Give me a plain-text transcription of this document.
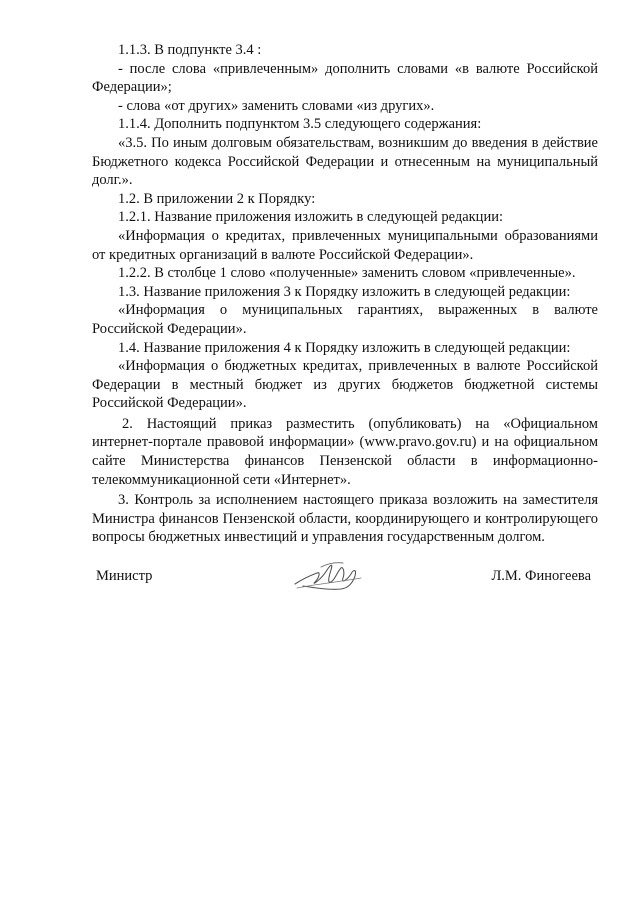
1.1.3. В подпункте 3.4 :

- после слова «привлеченным» дополнить словами «в валюте Российской Федерации»;

- слова «от других» заменить словами «из других».

1.1.4. Дополнить подпунктом 3.5 следующего содержания:

«3.5. По иным долговым обязательствам, возникшим до введения в действие Бюджетного кодекса Российской Федерации и отнесенным на муниципальный долг.».

1.2. В приложении 2 к Порядку:

1.2.1. Название приложения изложить в следующей редакции:

«Информация о кредитах, привлеченных муниципальными образованиями от кредитных организаций в валюте Российской Федерации».

1.2.2. В столбце 1 слово «полученные» заменить словом «привлеченные».

1.3. Название приложения 3 к Порядку изложить в следующей редакции:

«Информация о муниципальных гарантиях, выраженных в валюте Российской Федерации».

1.4. Название приложения 4 к Порядку изложить в следующей редакции:

«Информация о бюджетных кредитах, привлеченных в валюте Российской Федерации в местный бюджет из других бюджетов бюджетной системы Российской Федерации».

2. Настоящий приказ разместить (опубликовать) на «Официальном интернет-портале правовой информации» (www.pravo.gov.ru) и на официальном сайте Министерства финансов Пензенской области в информационно-телекоммуникационной сети «Интернет».

3. Контроль за исполнением настоящего приказа возложить на заместителя Министра финансов Пензенской области, координирующего и контролирующего вопросы бюджетных инвестиций и управления государственным долгом.

Министр	Л.М. Финогеева
